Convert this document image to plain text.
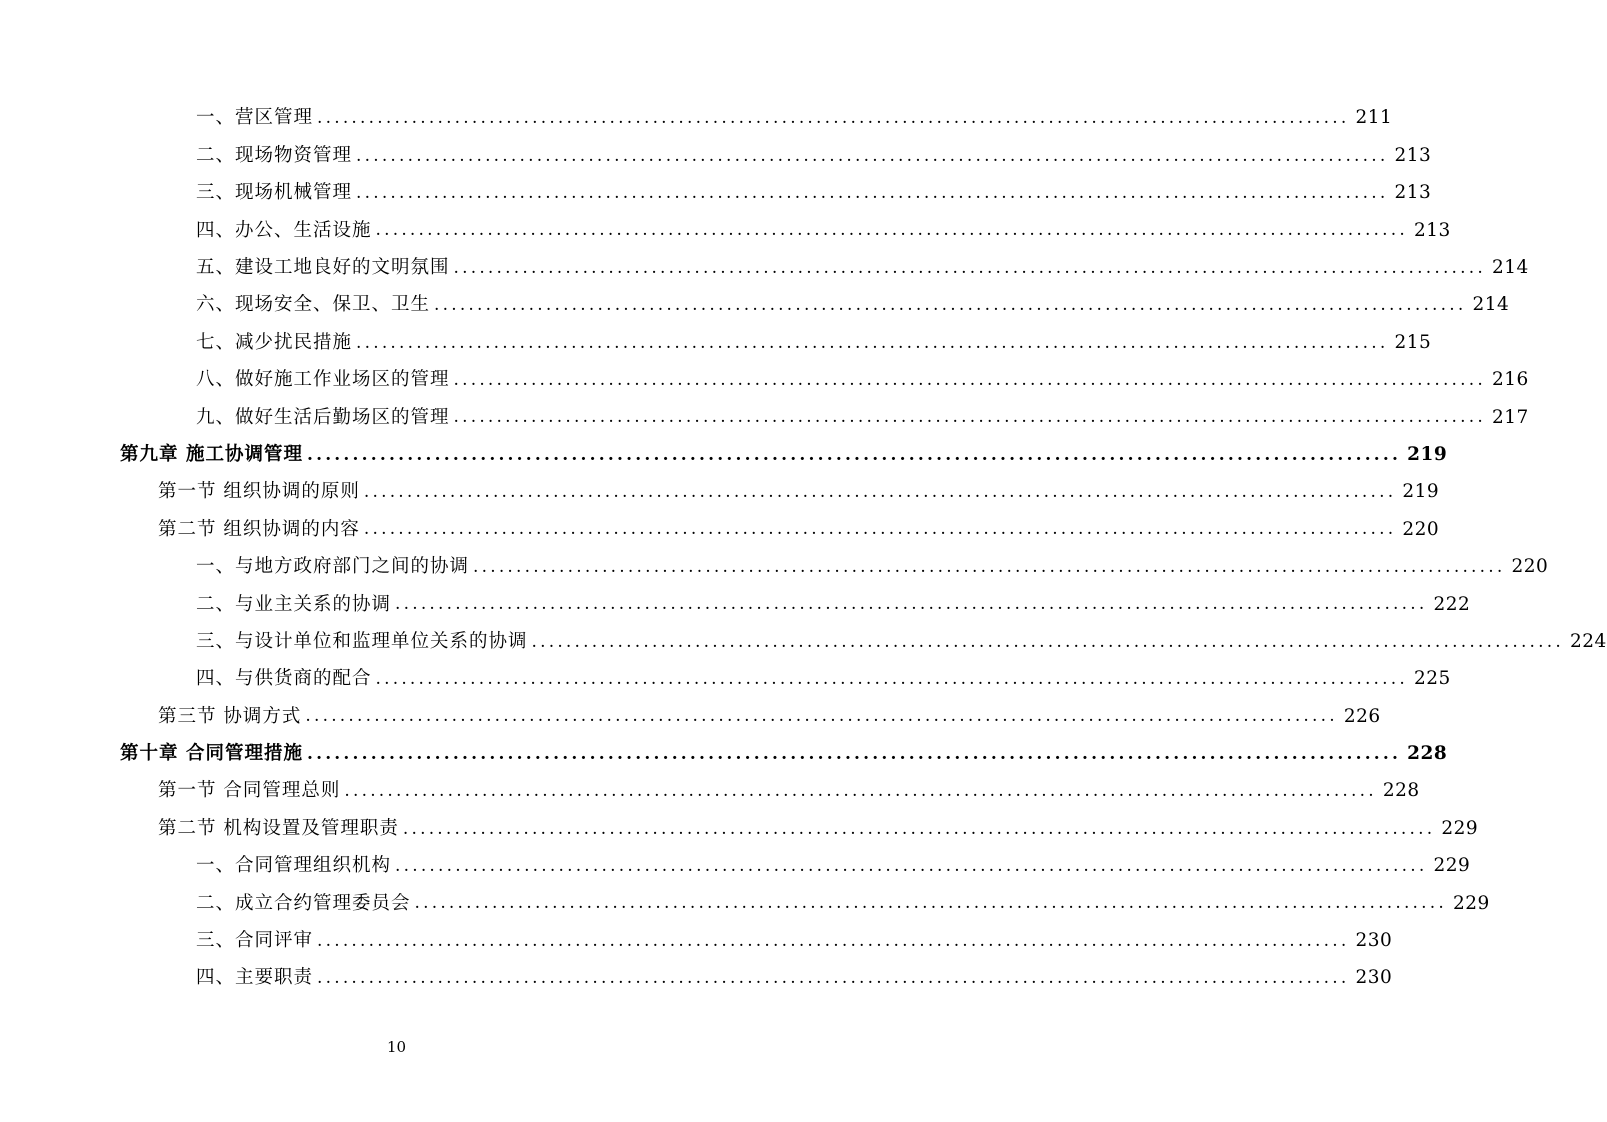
一、营区管理 ........................................................................................................................ 211
二、现场物资管理 ........................................................................................................................ 213
三、现场机械管理 ........................................................................................................................ 213
四、办公、生活设施 ........................................................................................................................ 213
五、建设工地良好的文明氛围 ........................................................................................................................ 214
六、现场安全、保卫、卫生 ........................................................................................................................ 214
七、减少扰民措施 ........................................................................................................................ 215
八、做好施工作业场区的管理 ........................................................................................................................ 216
九、做好生活后勤场区的管理 ........................................................................................................................ 217
第九章 施工协调管理 ........................................................................................................................ 219
第一节 组织协调的原则 ........................................................................................................................ 219
第二节 组织协调的内容 ........................................................................................................................ 220
一、与地方政府部门之间的协调 ........................................................................................................................ 220
二、与业主关系的协调 ........................................................................................................................ 222
三、与设计单位和监理单位关系的协调 ........................................................................................................................ 224
四、与供货商的配合 ........................................................................................................................ 225
第三节 协调方式 ........................................................................................................................ 226
第十章 合同管理措施 ........................................................................................................................ 228
第一节 合同管理总则 ........................................................................................................................ 228
第二节 机构设置及管理职责 ........................................................................................................................ 229
一、合同管理组织机构 ........................................................................................................................ 229
二、成立合约管理委员会 ........................................................................................................................ 229
三、合同评审 ........................................................................................................................ 230
四、主要职责 ........................................................................................................................ 230
10
